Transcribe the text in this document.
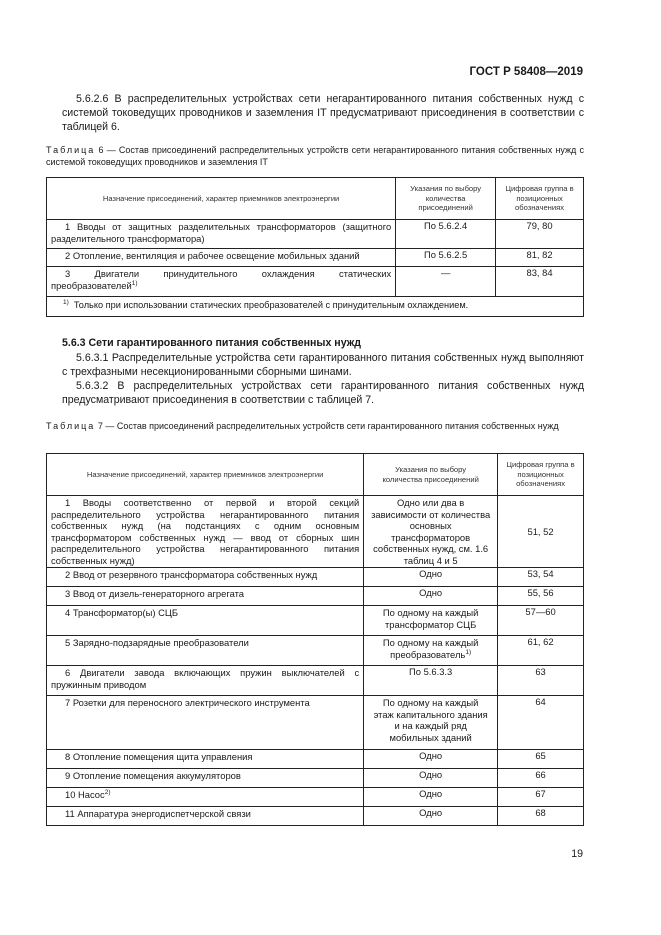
ГОСТ Р 58408—2019
5.6.2.6 В распределительных устройствах сети негарантированного питания собственных нужд с системой токоведущих проводников и заземления IT предусматривают присоединения в соответствии с таблицей 6.
Таблица 6 — Состав присоединений распределительных устройств сети негарантированного питания собственных нужд с системой токоведущих проводников и заземления IT
Назначение присоединений, характер приемников электроэнергии	Указания по выбору количества присоединений	Цифровая группа в позиционных обозначениях

1 Вводы от защитных разделительных трансформаторов (защитного разделительного трансформатора)	По 5.6.2.4	79, 80

2 Отопление, вентиляция и рабочее освещение мобильных зданий	По 5.6.2.5	81, 82

3 Двигатели принудительного охлаждения статических преобразователей$^{1)}$	—	83, 84
$^{1)}$ Только при использовании статических преобразователей с принудительным охлаждением.		
5.6.3 Сети гарантированного питания собственных нужд
5.6.3.1 Распределительные устройства сети гарантированного питания собственных нужд выполняют с трехфазными несекционированными сборными шинами.
5.6.3.2 В распределительных устройствах сети гарантированного питания собственных нужд предусматривают присоединения в соответствии с таблицей 7.
Таблица 7 — Состав присоединений распределительных устройств сети гарантированного питания собственных нужд
Назначение присоединений, характер приемников электроэнергии	Указания по выбору количества присоединений	Цифровая группа в позиционных обозначениях

1 Вводы соответственно от первой и второй секций распределительного устройства негарантированного питания собственных нужд (на подстанциях с одним основным трансформатором собственных нужд — ввод от сборных шин распределительного устройства негарантированного питания собственных нужд)	Одно или два в зависимости от количества основных трансформаторов собственных нужд, см. 1.6 таблиц 4 и 5	51, 52

2 Ввод от резервного трансформатора собственных нужд	Одно	53, 54

3 Ввод от дизель-генераторного агрегата	Одно	55, 56

4 Трансформатор(ы) СЦБ	По одному на каждый трансформатор СЦБ	57—60

5 Зарядно-подзарядные преобразователи	По одному на каждый преобразователь$^{1)}$	61, 62

6 Двигатели завода включающих пружин выключателей с пружинным приводом	По 5.6.3.3	63

7 Розетки для переносного электрического инструмента	По одному на каждый этаж капитального здания и на каждый ряд мобильных зданий	64

8 Отопление помещения щита управления	Одно	65

9 Отопление помещения аккумуляторов	Одно	66

10 Насос$^{2)}$	Одно	67

11 Аппаратура энергодиспетчерской связи	Одно	68
19
